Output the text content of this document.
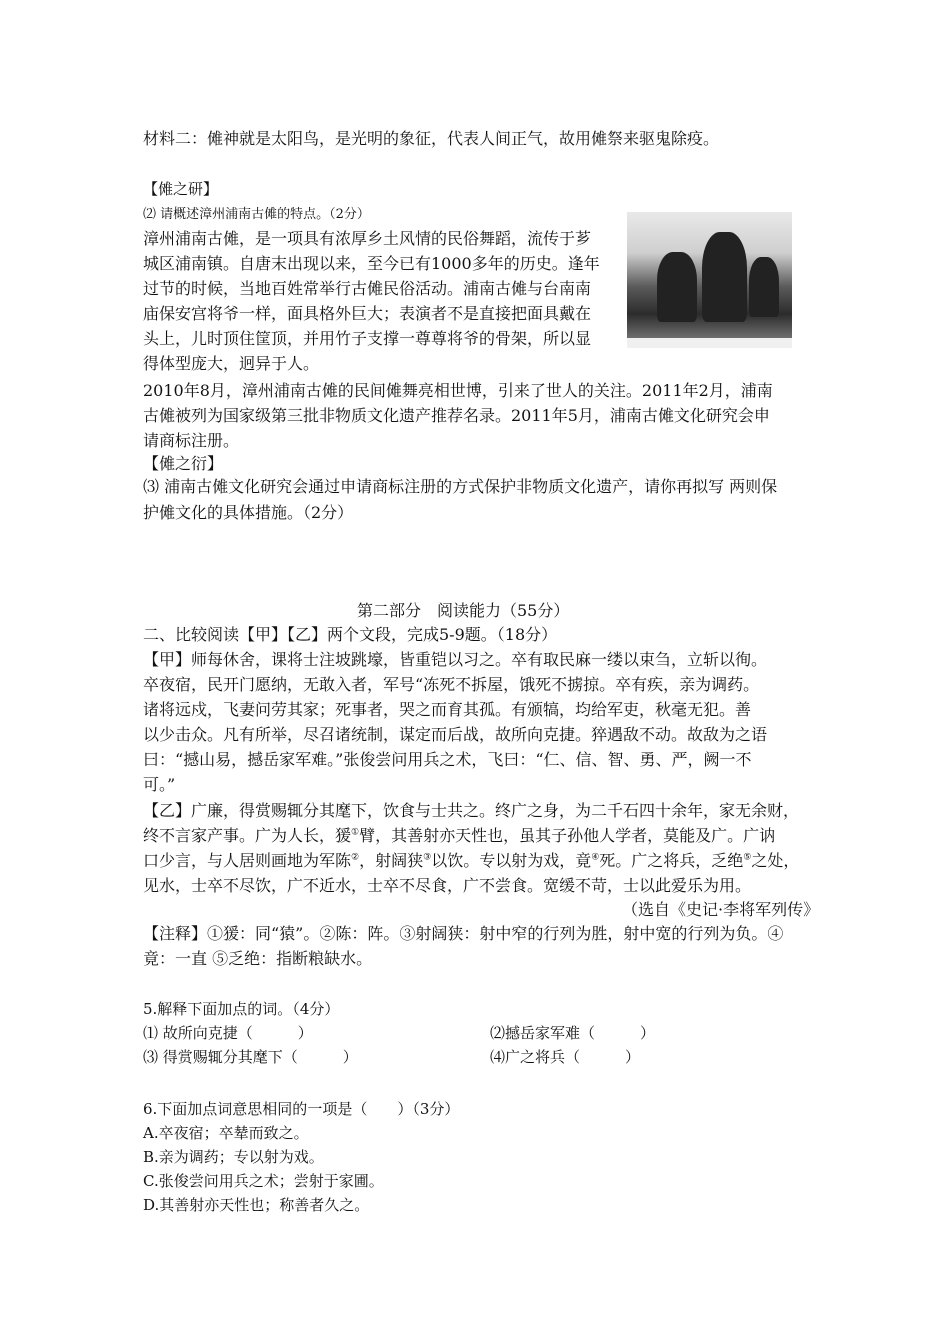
材料二：傩神就是太阳鸟，是光明的象征，代表人间正气，故用傩祭来驱鬼除疫。
【傩之研】
⑵ 请概述漳州浦南古傩的特点。（2分）
漳州浦南古傩，是一项具有浓厚乡土风情的民俗舞蹈，流传于芗
城区浦南镇。自唐末出现以来，至今已有1000多年的历史。逢年
过节的时候，当地百姓常举行古傩民俗活动。浦南古傩与台南南
庙保安宫将爷一样，面具格外巨大；表演者不是直接把面具戴在
头上，儿时顶住筐顶，并用竹子支撑一尊尊将爷的骨架，所以显
得体型庞大，迥异于人。
2010年8月，漳州浦南古傩的民间傩舞亮相世博，引来了世人的关注。2011年2月，浦南
古傩被列为国家级第三批非物质文化遗产推荐名录。2011年5月，浦南古傩文化研究会申
请商标注册。
【傩之衍】
⑶ 浦南古傩文化研究会通过申请商标注册的方式保护非物质文化遗产，请你再拟写 两则保
护傩文化的具体措施。（2分）
第二部分　阅读能力（55分）
二、比较阅读【甲】【乙】两个文段，完成5-9题。（18分）
【甲】师每休舍，课将士注坡跳壕，皆重铠以习之。卒有取民麻一缕以束刍，立斩以徇。
卒夜宿，民开门愿纳，无敢入者，军号“冻死不拆屋，饿死不掳掠。卒有疾，亲为调药。
诸将远戍，飞妻问劳其家；死事者，哭之而育其孤。有颁犒，均给军吏，秋毫无犯。善
以少击众。凡有所举，尽召诸统制，谋定而后战，故所向克捷。猝遇敌不动。故敌为之语
曰：“撼山易，撼岳家军难。”张俊尝问用兵之术，飞曰：“仁、信、智、勇、严，阙一不
可。”
【乙】广廉，得赏赐辄分其麾下，饮食与士共之。终广之身，为二千石四十余年，家无余财，
终不言家产事。广为人长，猨①臂，其善射亦天性也，虽其子孙他人学者，莫能及广。广讷
口少言，与人居则画地为军陈②，射阔狭③以饮。专以射为戏，竟④死。广之将兵，乏绝⑤之处，
见水，士卒不尽饮，广不近水，士卒不尽食，广不尝食。宽缓不苛，士以此爱乐为用。
（选自《史记·李将军列传》
【注释】①猨：同“猿”。②陈：阵。③射阔狭：射中窄的行列为胜，射中宽的行列为负。④
竟：一直 ⑤乏绝：指断粮缺水。
5.解释下面加点的词。（4分）
⑴ 故所向克捷（　　　）	⑵撼岳家军难（　　　）
⑶ 得赏赐辄分其麾下（　　　）	⑷广之将兵（　　　）
6.下面加点词意思相同的一项是（　　）（3分）
A.卒夜宿；卒辇而致之。
B.亲为调药；专以射为戏。
C.张俊尝问用兵之术；尝射于家圃。
D.其善射亦天性也；称善者久之。
